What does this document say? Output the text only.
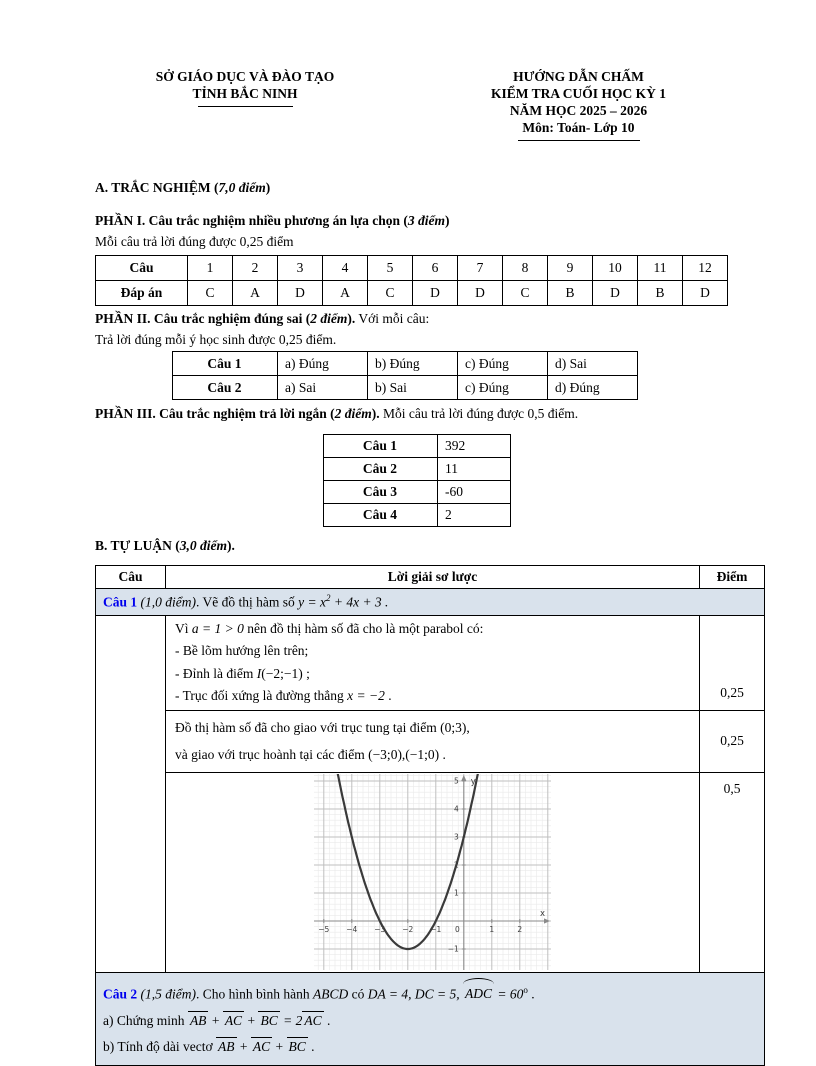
SỞ GIÁO DỤC VÀ ĐÀO TẠO

TỈNH BẮC NINH

HƯỚNG DẪN CHẤM

KIỂM TRA CUỐI HỌC KỲ 1

NĂM HỌC 2025 – 2026

Môn: Toán- Lớp 10

A. TRẮC NGHIỆM (7,0 điểm)

PHẦN I. Câu trắc nghiệm nhiều phương án lựa chọn (3 điểm)

Mỗi câu trả lời đúng được 0,25 điểm

Câu	1	2	3	4	5	6	7	8	9	10	11	12
Đáp án	C	A	D	A	C	D	D	C	B	D	B	D

PHẦN II. Câu trắc nghiệm đúng sai (2 điểm). Với mỗi câu:

Trả lời đúng mỗi ý học sinh được 0,25 điểm.

Câu 1	a) Đúng	b) Đúng	c) Đúng	d) Sai
Câu 2	a) Sai	b) Sai	c) Đúng	d) Đúng

PHẦN III. Câu trắc nghiệm trả lời ngắn (2 điểm). Mỗi câu trả lời đúng được 0,5 điểm.

Câu 1	392
Câu 2	11
Câu 3	-60
Câu 4	2

B. TỰ LUẬN (3,0 điểm).

Câu	Lời giải sơ lược	Điểm
Câu 1 (1,0 điểm). Vẽ đồ thị hàm số $y = x^2 + 4x + 3$ .		
	Vì a = 1 > 0 nên đồ thị hàm số đã cho là một parabol có:
- Bề lõm hướng lên trên;
- Đỉnh là điểm I(−2;−1) ;
- Trục đối xứng là đường thẳng x = −2 .	0,25
	Đồ thị hàm số đã cho giao với trục tung tại điểm (0;3),
và giao với trục hoành tại các điểm (−3;0),(−1;0) .	0,25

−5 −4 −3 −2 −1 0	1	2
−1
1
2
3
4
5
x
y	0,5
Câu 2 (1,5 điểm). Cho hình bình hành ABCD có DA = 4, DC = 5, ADC = $60^o$ .
a) Chứng minh AB + AC + BC = 2 AC .
b) Tính độ dài vectơ AB + AC + BC .		
